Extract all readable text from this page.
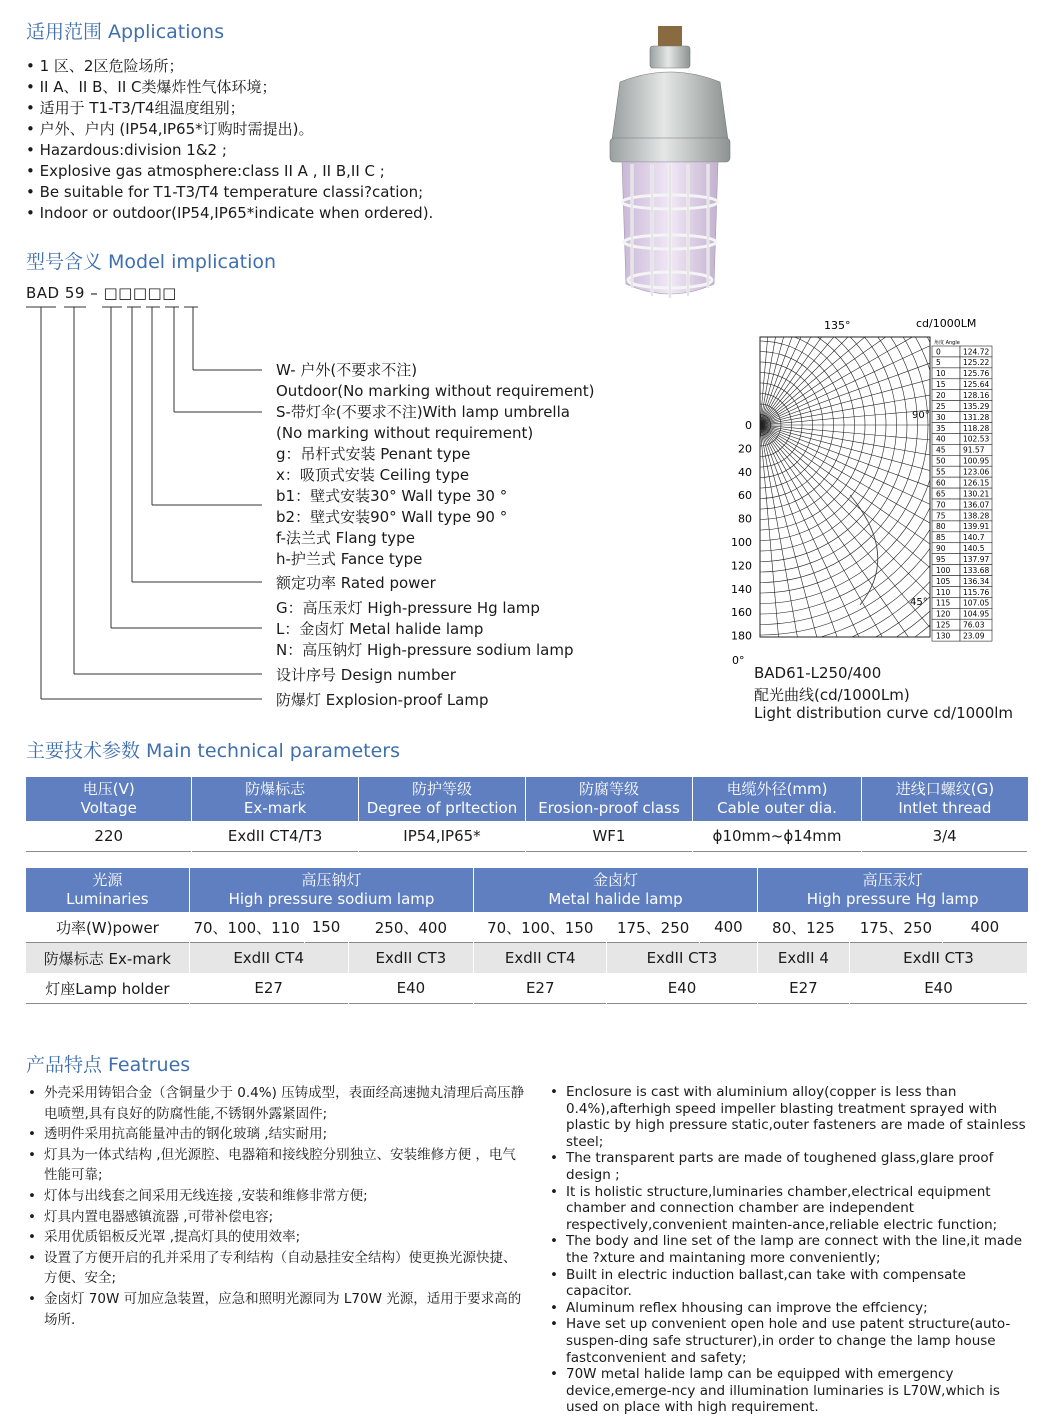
适用范围 Applications
• 1 区、2区危险场所；
• II A、II B、II C类爆炸性气体环境；
• 适用于 T1-T3/T4组温度组别；
• 户外、户内 (IP54,IP65*订购时需提出)。
• Hazardous:division 1&2 ;
• Explosive gas atmosphere:class II A , II B,II C ;
• Be suitable for T1-T3/T4 temperature classi?cation;
• Indoor or outdoor(IP54,IP65*indicate when ordered).
型号含义 Model implication
BAD 59 – □□□□□
W- 户外(不要求不注)
Outdoor(No marking without requirement)
S-带灯伞(不要求不注)With lamp umbrella
(No marking without requirement)
g：吊杆式安装 Penant type
x：吸顶式安装 Ceiling type
b1：壁式安装30° Wall type 30 °
b2：壁式安装90° Wall type 90 °
f-法兰式 Flang type
h-护兰式 Fance type
额定功率 Rated power
G：高压汞灯 High-pressure Hg lamp
L：金卤灯 Metal halide lamp
N：高压钠灯 High-pressure sodium lamp
设计序号 Design number
防爆灯 Explosion-proof Lamp
135°	cd/1000LM
90°
45°
0°
0
20
40
60
80
100
120
140
160
180
角度 Angle
0	124.72
5	125.22
10 125.76
15 125.64
20 128.16
25 135.29
30 131.28
35 118.28
40 102.53
45 91.57
50 100.95
55 123.06
60 126.15
65 130.21
70 136.07
75 138.28
80 139.91
85 140.7
90 140.5
95 137.97
100 133.68
105 136.34
110 115.76
115 107.05
120 104.95
125 76.03
130 23.09
BAD61-L250/400
配光曲线(cd/1000Lm)
Light distribution curve cd/1000lm
主要技术参数 Main technical parameters
电压(V)
Voltage	防爆标志
Ex-mark	防护等级
Degree of prltection	防腐等级
Erosion-proof class	电缆外径(mm)
Cable outer dia.	进线口螺纹(G)
Intlet thread
220	ExdII CT4/T3	IP54,IP65*	WF1	ϕ10mm~ϕ14mm	3/4
光源
Luminaries	高压钠灯
High pressure sodium lamp			金卤灯
Metal halide lamp			高压汞灯
High pressure Hg lamp		
功率(W)power	70、100、110	150	250、400	70、100、150	175、250	400	80、125	175、250	400
防爆标志 Ex-mark	ExdII CT4		ExdII CT3	ExdII CT4	ExdII CT3		ExdII 4	ExdII CT3	
灯座Lamp holder	E27		E40	E27	E40		E27	E40	
产品特点 Featrues
• 外壳采用铸铝合金（含铜量少于 0.4%) 压铸成型，表面经高速抛丸清理后高压静电喷塑,具有良好的防腐性能,不锈钢外露紧固件;
• 透明件采用抗高能量冲击的钢化玻璃 ,结实耐用;
• 灯具为一体式结构 ,但光源腔、电器箱和接线腔分别独立、安装维修方便 ，电气性能可靠;
• 灯体与出线套之间采用无线连接 ,安装和维修非常方便;
• 灯具内置电器感镇流器 ,可带补偿电容;
• 采用优质铝板反光罩 ,提高灯具的使用效率;
• 设置了方便开启的孔并采用了专利结构（自动悬挂安全结构）使更换光源快捷、方便、安全;
• 金卤灯 70W 可加应急装置，应急和照明光源同为 L70W 光源，适用于要求高的场所.
• Enclosure is cast with aluminium alloy(copper is less than 0.4%),afterhigh speed impeller blasting treatment sprayed with plastic by high pressure static,outer fasteners are made of stainless steel;
• The transparent parts are made of toughened glass,glare proof design ;
• It is holistic structure,luminaries chamber,electrical equipment chamber and connection chamber are independent respectively,convenient mainten-ance,reliable electric function;
• The body and line set of the lamp are connect with the line,it made the ?xture and maintaning more conveniently;
• Built in electric induction ballast,can take with compensate capacitor.
• Aluminum reflex hhousing can improve the effciency;
• Have set up convenient open hole and use patent structure(auto-suspen-ding safe structurer),in order to change the lamp house fastconvenient and safety;
• 70W metal halide lamp can be equipped with emergency device,emerge-ncy and illumination luminaries is L70W,which is used on place with high requirement.
